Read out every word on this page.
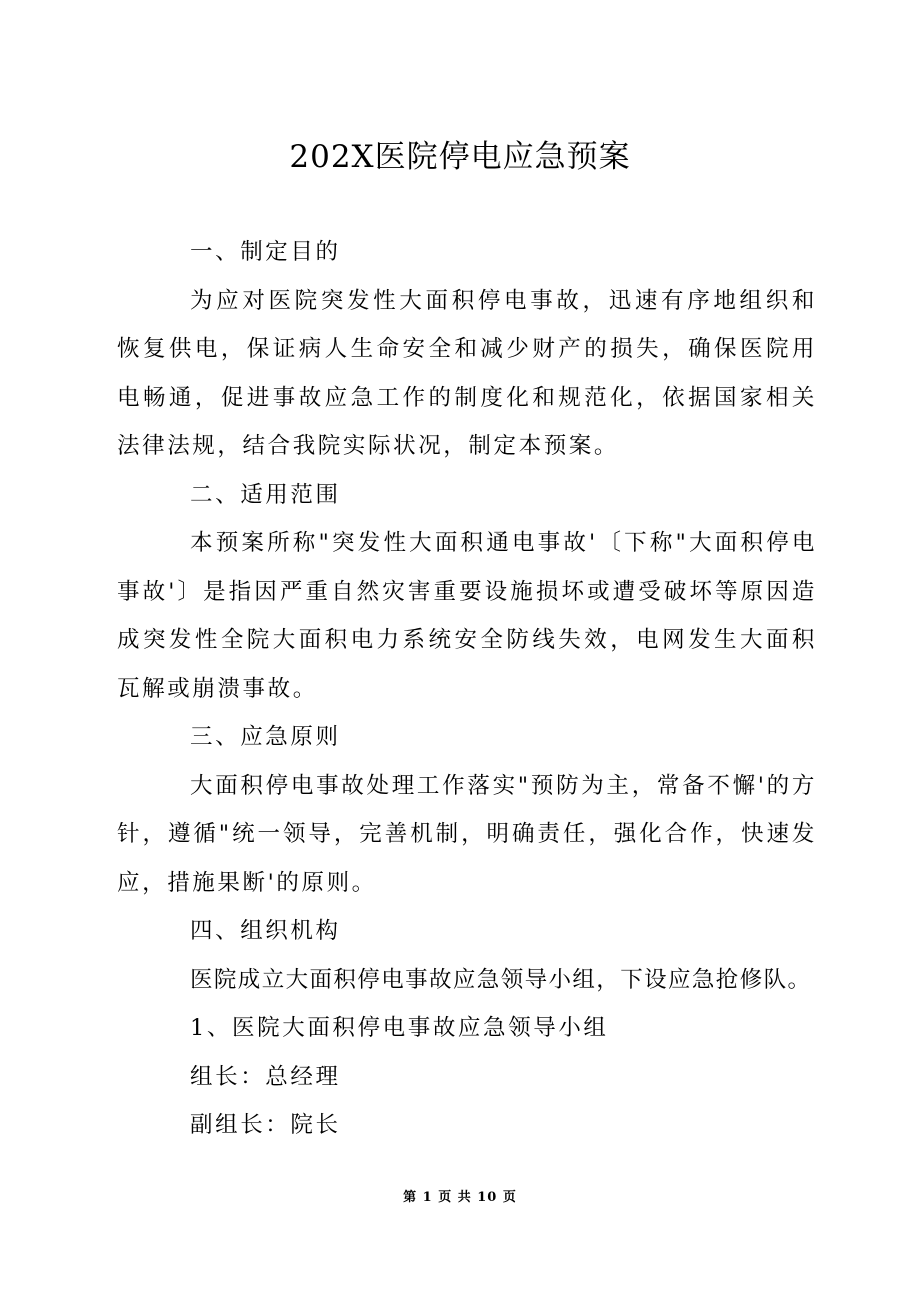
202X医院停电应急预案

一、制定目的

为应对医院突发性大面积停电事故，迅速有序地组织和恢复供电，保证病人生命安全和减少财产的损失，确保医院用电畅通，促进事故应急工作的制度化和规范化，依据国家相关法律法规，结合我院实际状况，制定本预案。

二、适用范围

本预案所称"突发性大面积通电事故'〔下称"大面积停电事故'〕是指因严重自然灾害重要设施损坏或遭受破坏等原因造成突发性全院大面积电力系统安全防线失效，电网发生大面积瓦解或崩溃事故。

三、应急原则

大面积停电事故处理工作落实"预防为主，常备不懈'的方针，遵循"统一领导，完善机制，明确责任，强化合作，快速发应，措施果断'的原则。

四、组织机构

医院成立大面积停电事故应急领导小组，下设应急抢修队。

1、医院大面积停电事故应急领导小组

组长：总经理

副组长：院长

第 1 页 共 10 页
